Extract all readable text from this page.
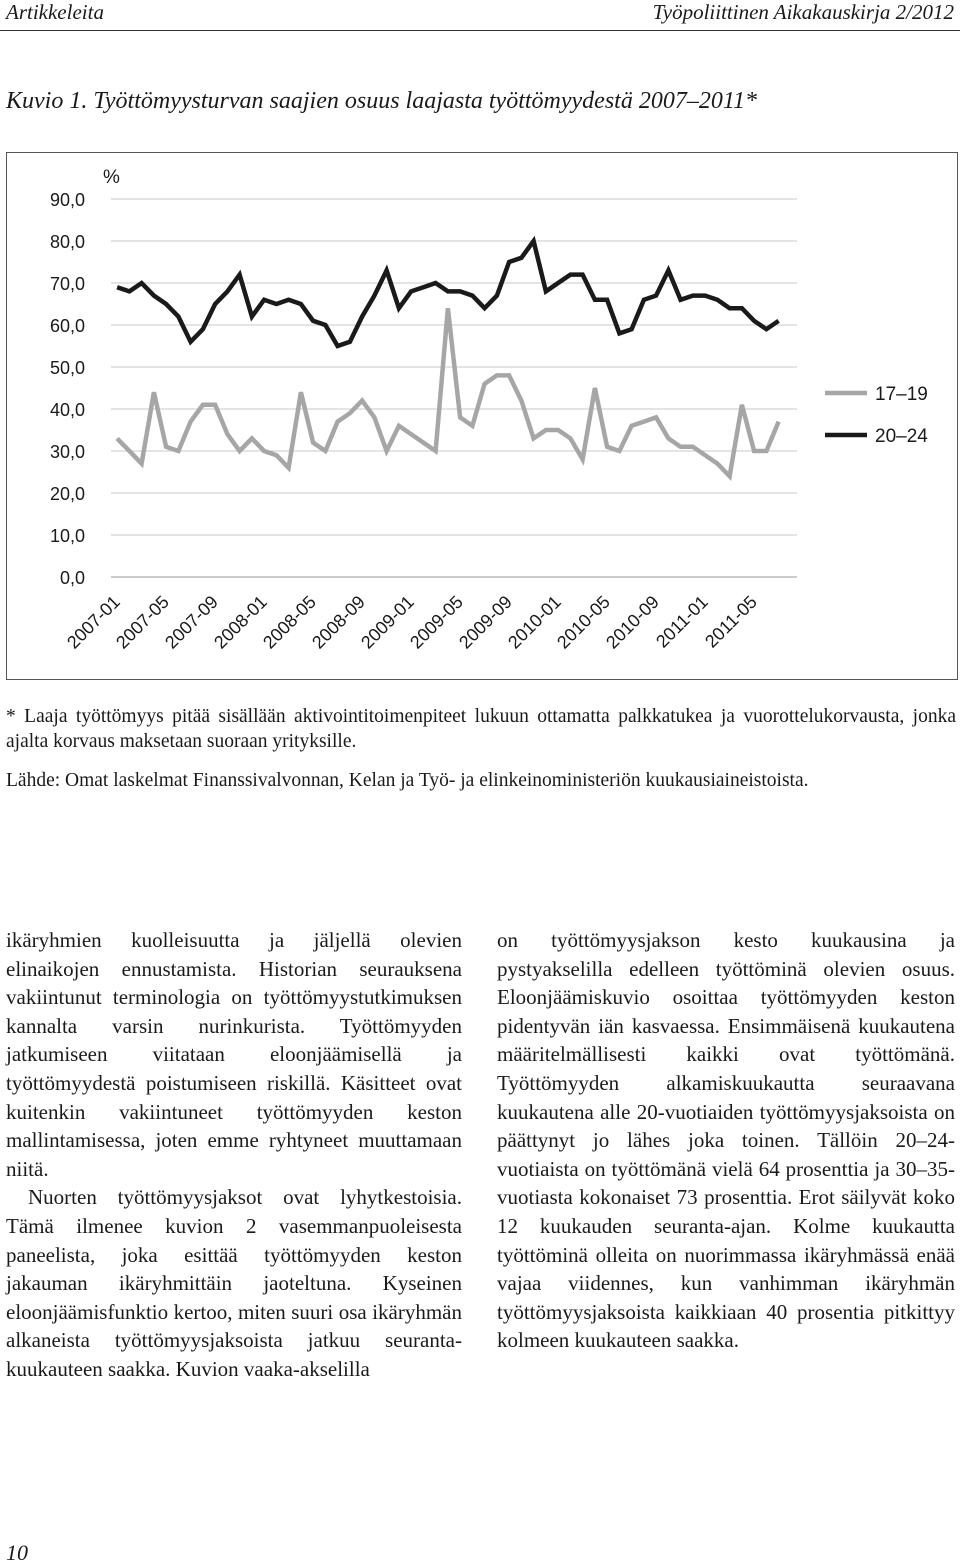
Artikkeleita	Työpoliittinen Aikakauskirja 2/2012
Kuvio 1. Työttömyysturvan saajien osuus laajasta työttömyydestä 2007–2011*
90,0
80,0
70,0
60,0
50,0
40,0
30,0
20,0
10,0
0,0
2007-01
2007-05
2007-09
2008-01
2008-05
2008-09
2009-01
2009-05
2009-09
2010-01
2010-05
2010-09
2011-01
2011-05
17–19
20–24
%

* Laaja työttömyys pitää sisällään aktivointitoimenpiteet lukuun ottamatta palkkatukea ja vuorottelukorvausta, jonka ajalta korvaus maksetaan suoraan yrityksille.

Lähde: Omat laskelmat Finanssivalvonnan, Kelan ja Työ- ja elinkeinoministeriön kuukausiaineistoista.

ikäryhmien kuolleisuutta ja jäljellä olevien elinaikojen ennustamista. Historian seurauksena vakiintunut terminologia on työttömyystutkimuksen kannalta varsin nurinkurista. Työttömyyden jatkumiseen viitataan eloonjäämisellä ja työttömyydestä poistumiseen riskillä. Käsitteet ovat kuitenkin vakiintuneet työttömyyden keston mallintamisessa, joten emme ryhtyneet muuttamaan niitä.

Nuorten työttömyysjaksot ovat lyhytkestoisia. Tämä ilmenee kuvion 2 vasemmanpuoleisesta paneelista, joka esittää työttömyyden keston jakauman ikäryhmittäin jaoteltuna. Kyseinen eloonjäämisfunktio kertoo, miten suuri osa ikäryhmän alkaneista työttömyysjaksoista jatkuu seurantakuukauteen saakka. Kuvion vaaka-akselilla

on työttömyysjakson kesto kuukausina ja pystyakselilla edelleen työttöminä olevien osuus. Eloonjäämiskuvio osoittaa työttömyyden keston pidentyvän iän kasvaessa. Ensimmäisenä kuukautena määritelmällisesti kaikki ovat työttömänä. Työttömyyden alkamiskuukautta seuraavana kuukautena alle 20-vuotiaiden työttömyysjaksoista on päättynyt jo lähes joka toinen. Tällöin 20–24-vuotiaista on työttömänä vielä 64 prosenttia ja 30–35-vuotiasta kokonaiset 73 prosenttia. Erot säilyvät koko 12 kuukauden seuranta-ajan. Kolme kuukautta työttöminä olleita on nuorimmassa ikäryhmässä enää vajaa viidennes, kun vanhimman ikäryhmän työttömyysjaksoista kaikkiaan 40 prosentia pitkittyy kolmeen kuukauteen saakka.

10
